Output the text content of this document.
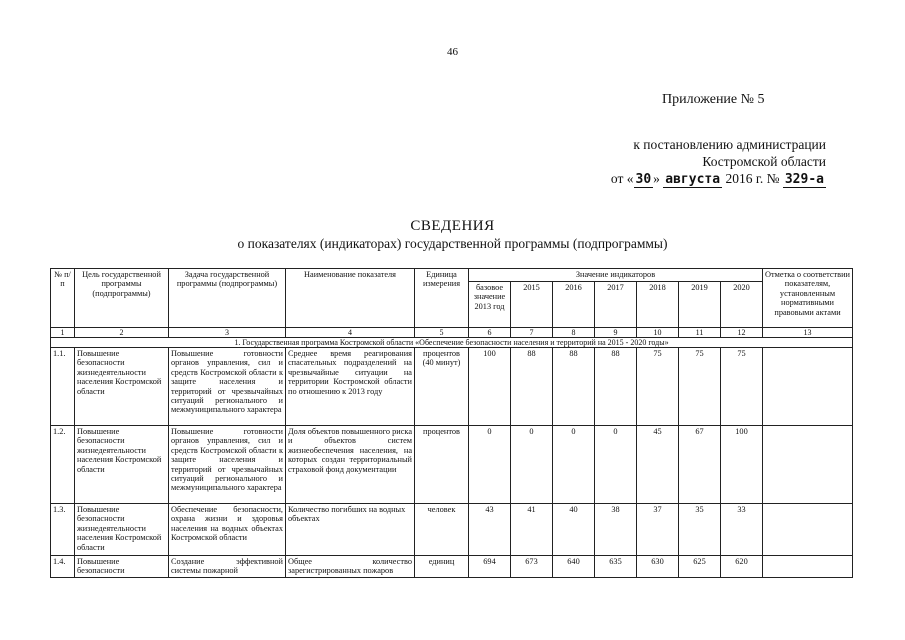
46
Приложение № 5
к постановлению администрации
Костромской области
от « 30 » августа 2016 г. № 329-а
СВЕДЕНИЯ
о показателях (индикаторах) государственной программы (подпрограммы)
№ п/п	Цель государственной программы (подпрограммы)	Задача государственной программы (подпрограммы)	Наименование показателя	Единица измерения	Значение индикаторов							Отметка о соответствии показателям, установленным нормативными правовыми актами
					базовое значение 2013 год	2015	2016	2017	2018	2019	2020	
1	2	3	4	5	6	7	8	9	10	11	12	13
1. Государственная программа Костромской области «Обеспечение безопасности населения и территорий на 2015 - 2020 годы»												
1.1.	Повышение безопасности жизнедеятельности населения Костромской области	Повышение готовности органов управления, сил и средств Костромской области к защите населения и территорий от чрезвычайных ситуаций регионального и межмуниципального характера	Среднее время реагирования спасательных подразделений на чрезвычайные ситуации на территории Костромской области по отношению к 2013 году	процентов (40 минут)	100	88	88	88	75	75	75	
1.2.	Повышение безопасности жизнедеятельности населения Костромской области	Повышение готовности органов управления, сил и средств Костромской области к защите населения и территорий от чрезвычайных ситуаций регионального и межмуниципального характера	Доля объектов повышенного риска и объектов систем жизнеобеспечения населения, на которых создан территориальный страховой фонд документации	процентов	0	0	0	0	45	67	100	
1.3.	Повышение безопасности жизнедеятельности населения Костромской области	Обеспечение безопасности, охрана жизни и здоровья населения на водных объектах Костромской области	Количество погибших на водных объектах	человек	43	41	40	38	37	35	33	
1.4.	Повышение безопасности	Создание эффективной системы пожарной	Общее количество зарегистрированных пожаров	единиц	694	673	640	635	630	625	620	
